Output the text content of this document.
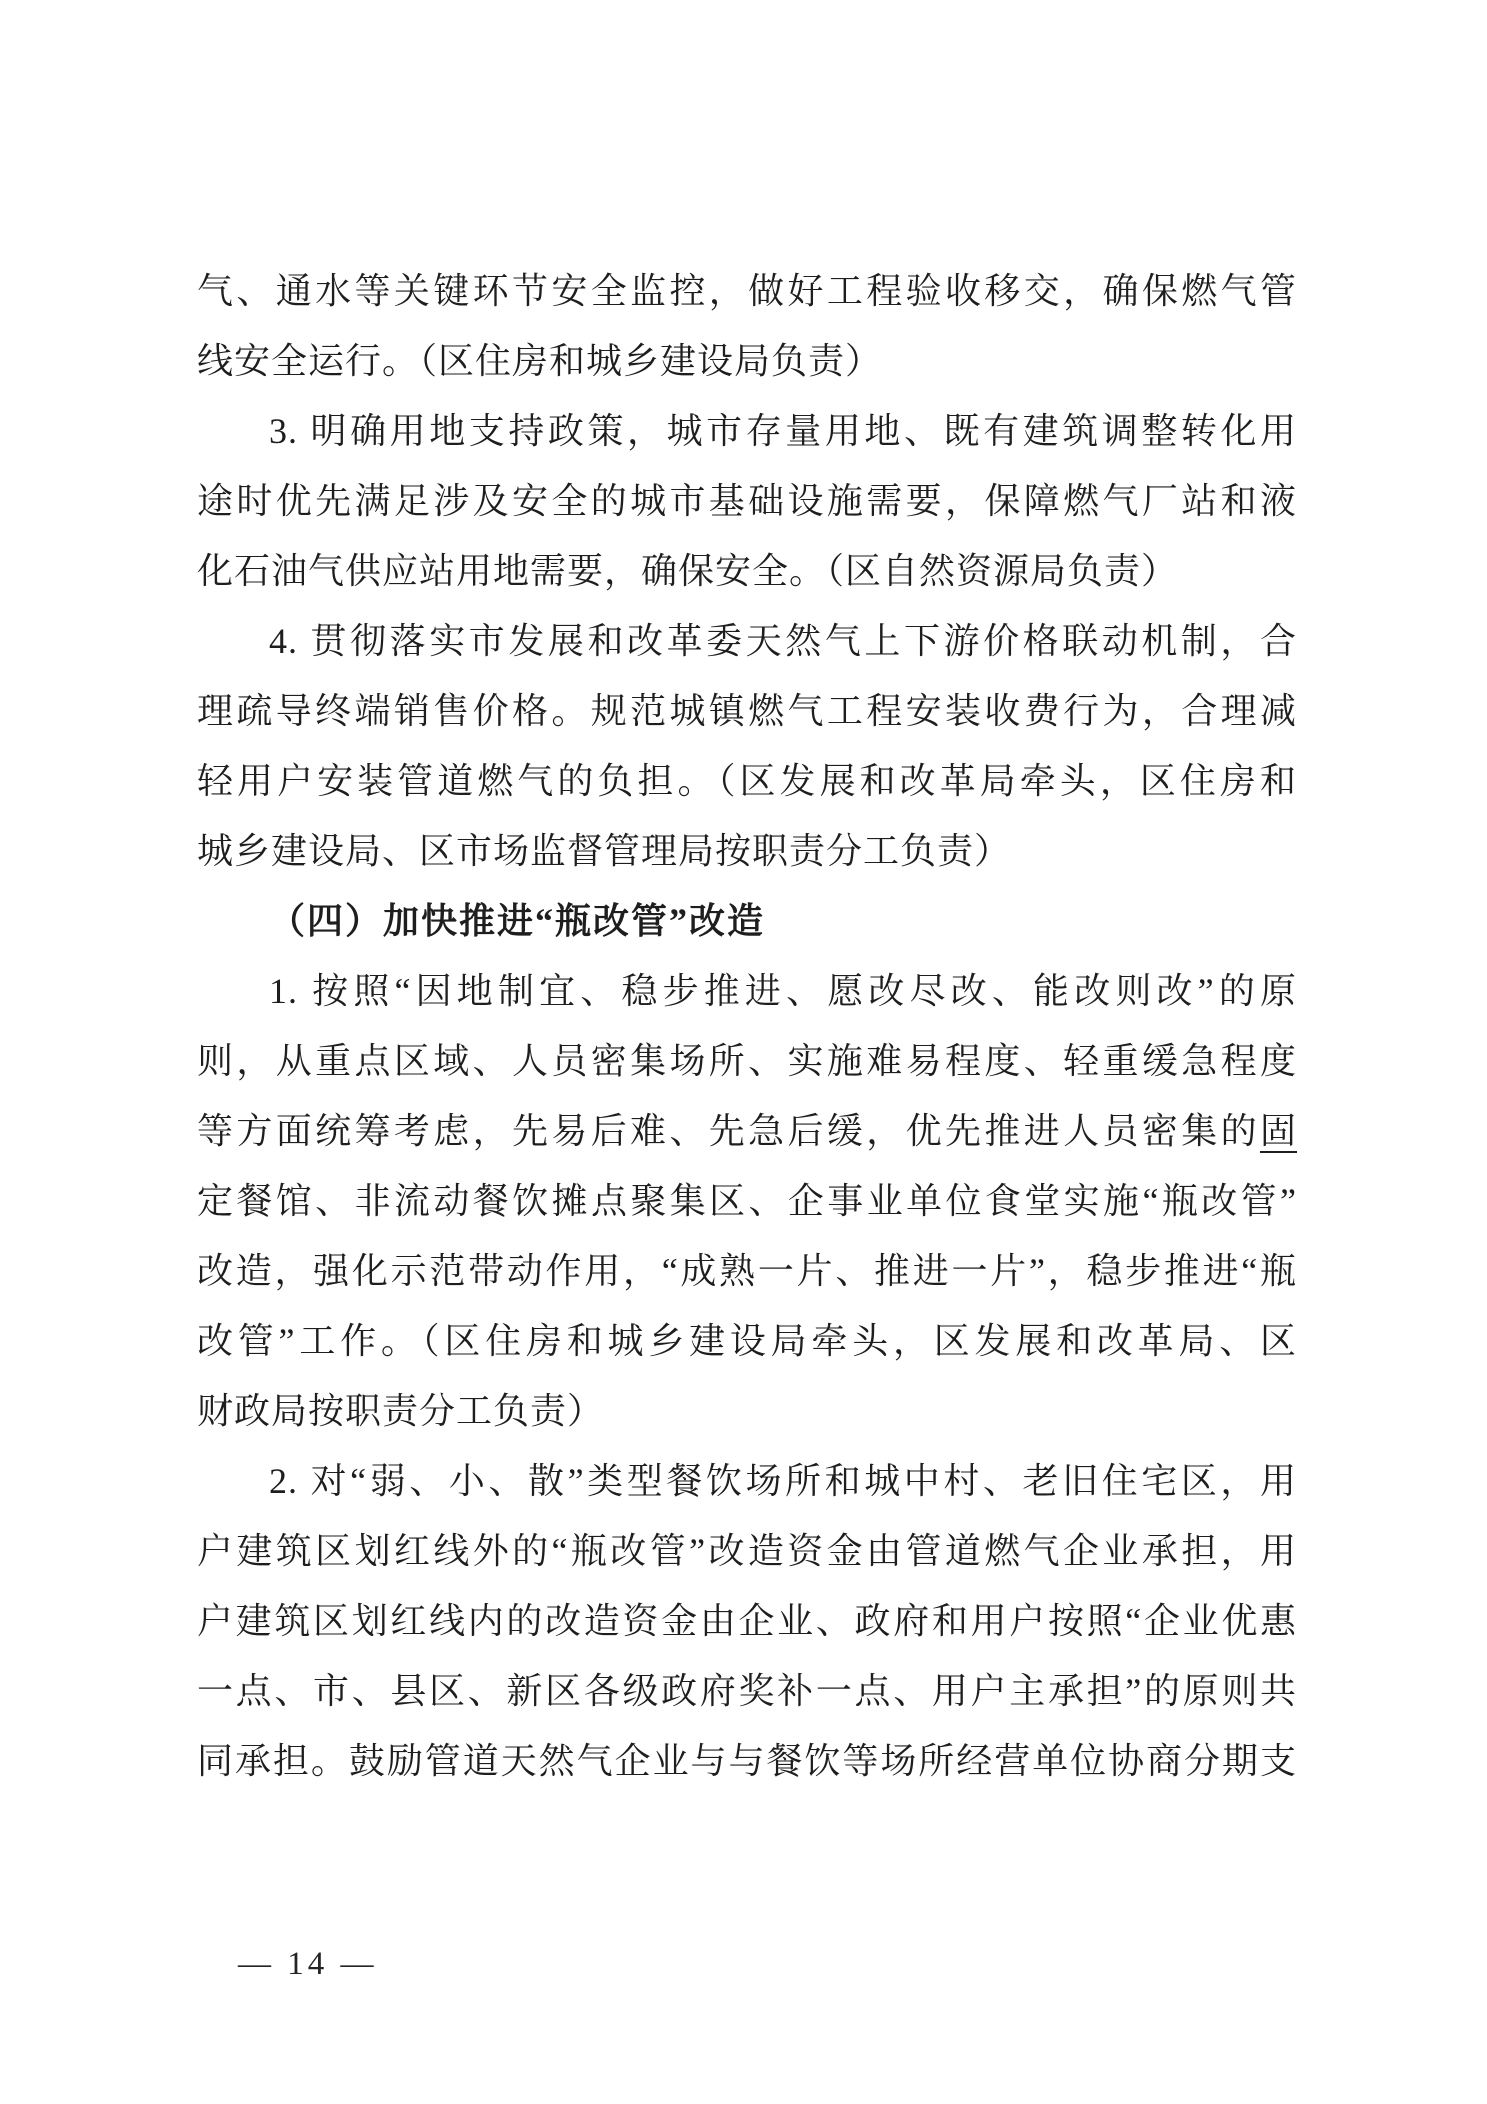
气、通水等关键环节安全监控，做好工程验收移交，确保燃气管

线安全运行。（区住房和城乡建设局负责）

3. 明确用地支持政策，城市存量用地、既有建筑调整转化用

途时优先满足涉及安全的城市基础设施需要，保障燃气厂站和液

化石油气供应站用地需要，确保安全。（区自然资源局负责）

4. 贯彻落实市发展和改革委天然气上下游价格联动机制，合

理疏导终端销售价格。规范城镇燃气工程安装收费行为，合理减

轻用户安装管道燃气的负担。（区发展和改革局牵头，区住房和

城乡建设局、区市场监督管理局按职责分工负责）

（四）加快推进“瓶改管”改造

1. 按照“因地制宜、稳步推进、愿改尽改、能改则改”的原

则，从重点区域、人员密集场所、实施难易程度、轻重缓急程度

等方面统筹考虑，先易后难、先急后缓，优先推进人员密集的固

定餐馆、非流动餐饮摊点聚集区、企事业单位食堂实施“瓶改管”

改造，强化示范带动作用，“成熟一片、推进一片”，稳步推进“瓶

改管”工作。（区住房和城乡建设局牵头，区发展和改革局、区

财政局按职责分工负责）

2. 对“弱、小、散”类型餐饮场所和城中村、老旧住宅区，用

户建筑区划红线外的“瓶改管”改造资金由管道燃气企业承担，用

户建筑区划红线内的改造资金由企业、政府和用户按照“企业优惠

一点、市、县区、新区各级政府奖补一点、用户主承担”的原则共

同承担。鼓励管道天然气企业与与餐饮等场所经营单位协商分期支

— 14 —
